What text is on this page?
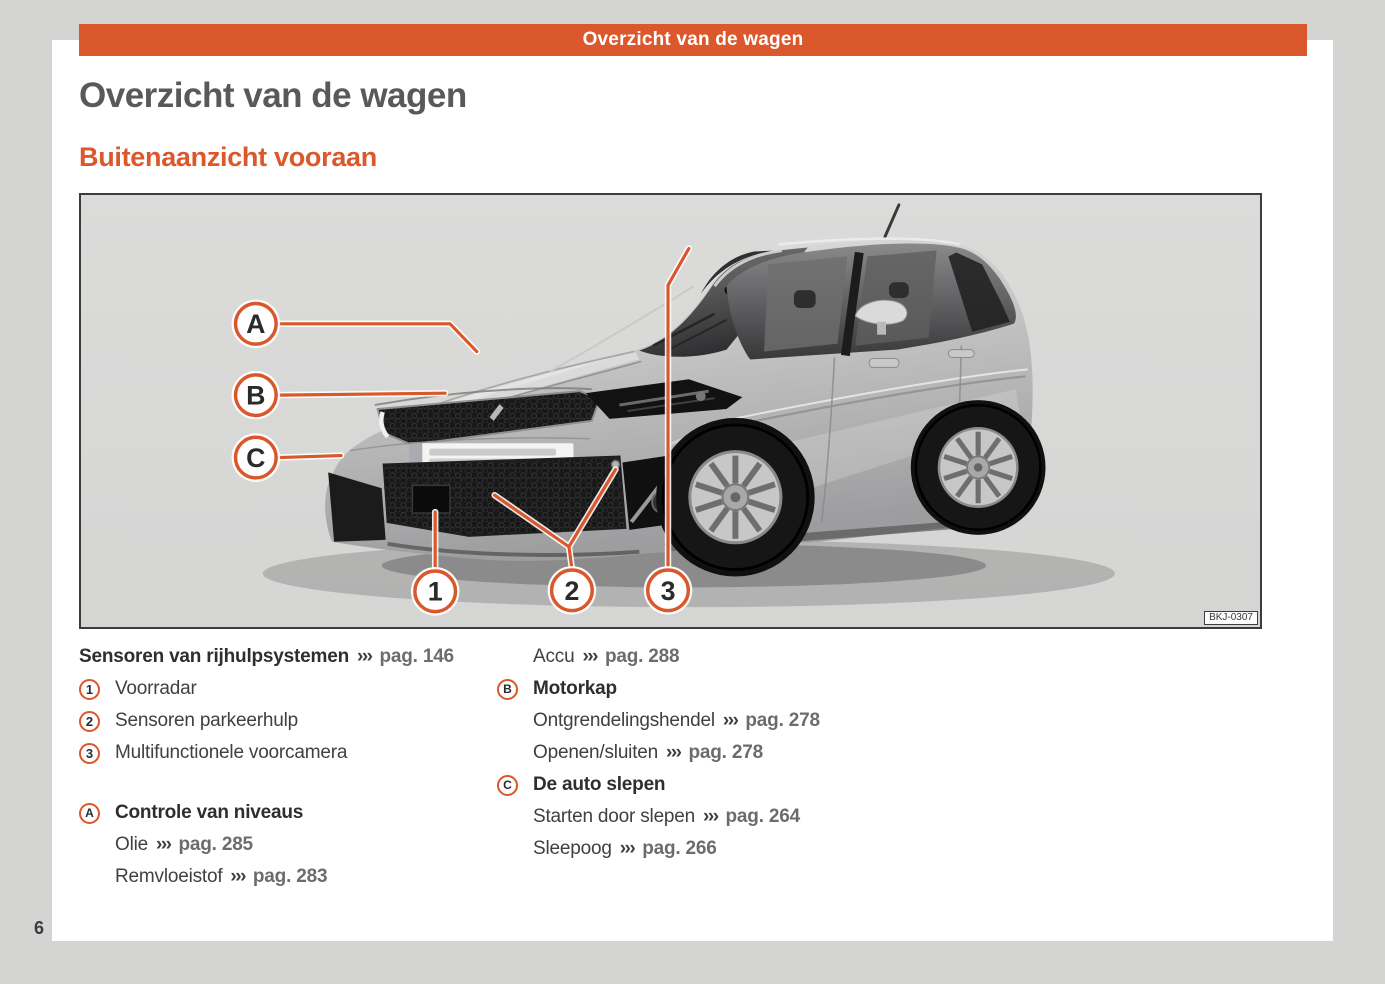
Overzicht van de wagen
Overzicht van de wagen
Buitenaanzicht vooraan
A
B
C
1	2	3
BKJ-0307
Sensoren van rijhulpsystemen ››› pag. 146
1	Voorradar
2	Sensoren parkeerhulp
3	Multifunctionele voorcamera
A	Controle van niveaus
Olie ››› pag. 285
Remvloeistof ››› pag. 283
Accu ››› pag. 288
B	Motorkap
Ontgrendelingshendel ››› pag. 278
Openen/sluiten ››› pag. 278
C	De auto slepen
Starten door slepen ››› pag. 264
Sleepoog ››› pag. 266
6
